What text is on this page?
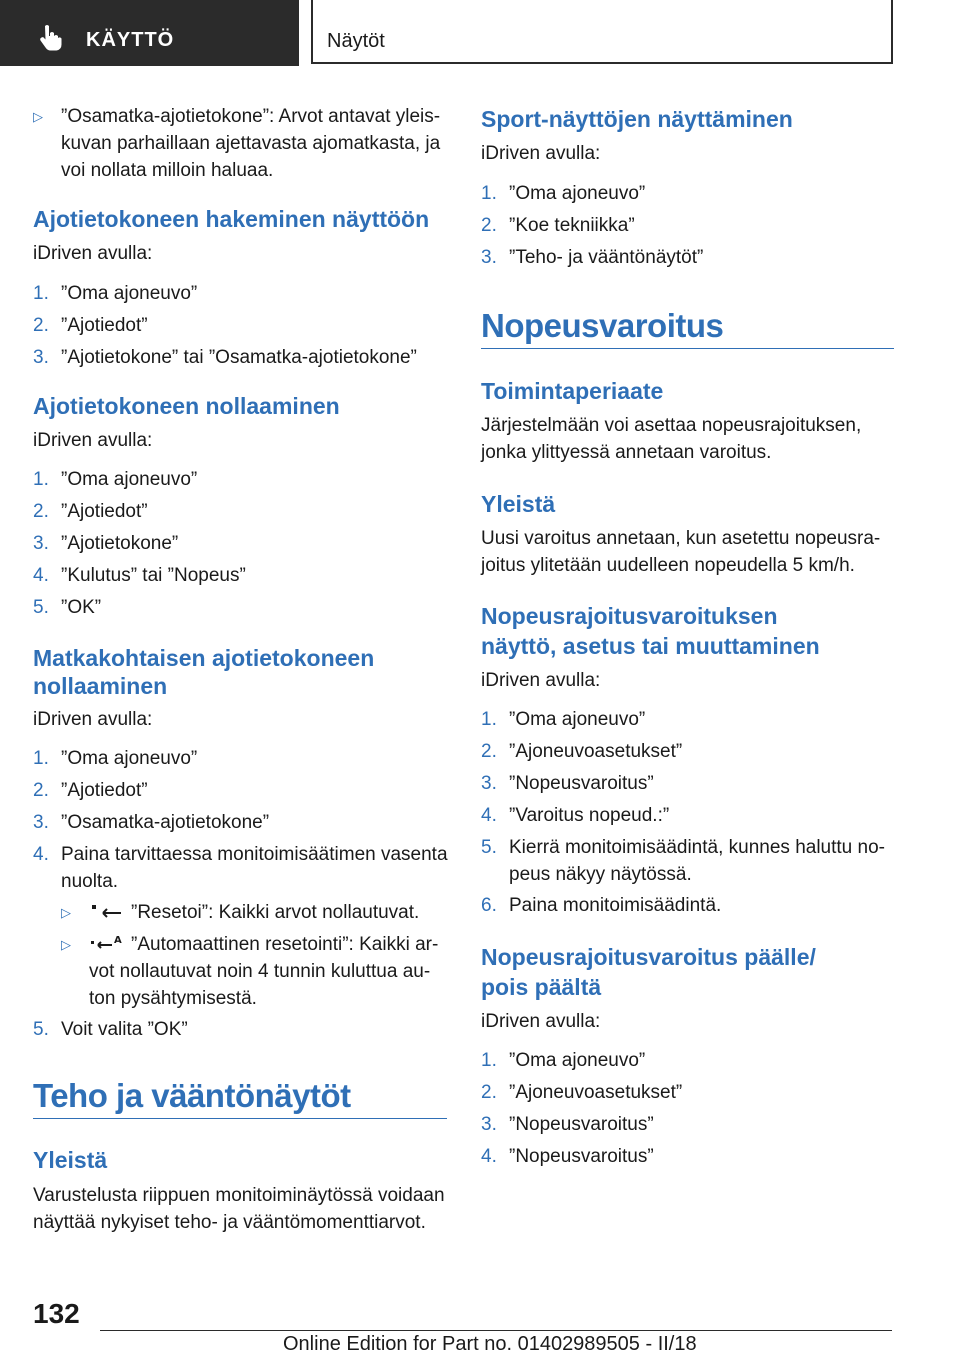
KÄYTTÖ	Näytöt
▷ ”Osamatka-ajotietokone”: Arvot antavat yleis-
kuvan parhaillaan ajettavasta ajomatkasta, ja
voi nollata milloin haluaa.
Ajotietokoneen hakeminen näyttöön
iDriven avulla:
1. ”Oma ajoneuvo”
2. ”Ajotiedot”
3. ”Ajotietokone” tai ”Osamatka-ajotietokone”
Ajotietokoneen nollaaminen
iDriven avulla:
1. ”Oma ajoneuvo”
2. ”Ajotiedot”
3. ”Ajotietokone”
4. ”Kulutus” tai ”Nopeus”
5. ”OK”
Matkakohtaisen ajotietokoneen
nollaaminen
iDriven avulla:
1. ”Oma ajoneuvo”
2. ”Ajotiedot”
3. ”Osamatka-ajotietokone”
4. Paina tarvittaessa monitoimisäätimen vasenta
nuolta.
▷	”Resetoi”: Kaikki arvot nollautuvat.
▷	A ”Automaattinen resetointi”: Kaikki ar-
vot nollautuvat noin 4 tunnin kuluttua au-
ton pysähtymisestä.
5. Voit valita ”OK”
Teho ja vääntönäytöt
Yleistä
Varustelusta riippuen monitoiminäytössä voidaan
näyttää nykyiset teho- ja vääntömomenttiarvot.
Sport-näyttöjen näyttäminen
iDriven avulla:
1. ”Oma ajoneuvo”
2. ”Koe tekniikka”
3. ”Teho- ja vääntönäytöt”
Nopeusvaroitus
Toimintaperiaate
Järjestelmään voi asettaa nopeusrajoituksen,
jonka ylittyessä annetaan varoitus.
Yleistä
Uusi varoitus annetaan, kun asetettu nopeusra-
joitus ylitetään uudelleen nopeudella 5 km/h.
Nopeusrajoitusvaroituksen
näyttö, asetus tai muuttaminen
iDriven avulla:
1. ”Oma ajoneuvo”
2. ”Ajoneuvoasetukset”
3. ”Nopeusvaroitus”
4. ”Varoitus nopeud.:”
5. Kierrä monitoimisäädintä, kunnes haluttu no-
peus näkyy näytössä.
6. Paina monitoimisäädintä.
Nopeusrajoitusvaroitus päälle/
pois päältä
iDriven avulla:
1. ”Oma ajoneuvo”
2. ”Ajoneuvoasetukset”
3. ”Nopeusvaroitus”
4. ”Nopeusvaroitus”
132
Online Edition for Part no. 01402989505 - II/18
